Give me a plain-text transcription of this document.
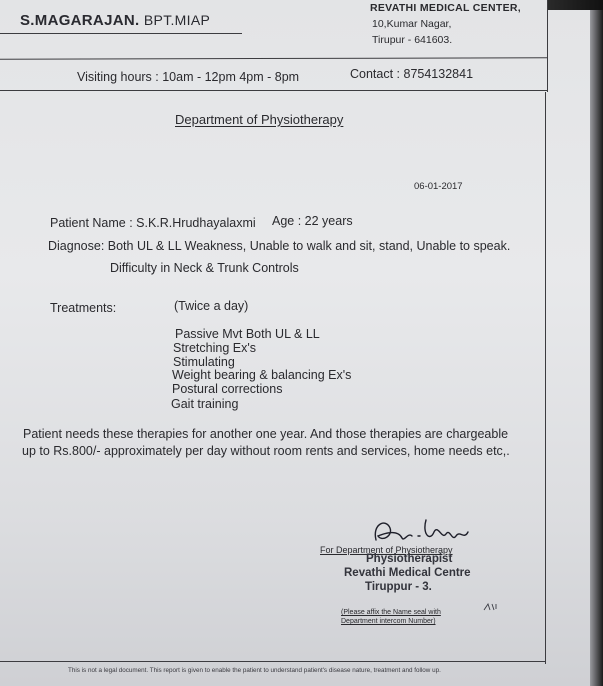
S.MAGARAJAN. BPT.MIAP
REVATHI MEDICAL CENTER,
10,Kumar Nagar,
Tirupur - 641603.
Visiting hours : 10am - 12pm 4pm - 8pm	Contact : 8754132841
Department of Physiotherapy
06-01-2017
Patient Name : S.K.R.Hrudhayalaxmi Age : 22 years
Diagnose: Both UL & LL Weakness, Unable to walk and sit, stand, Unable to speak.
Difficulty in Neck & Trunk Controls
Treatments:	(Twice a day)
Passive Mvt Both UL & LL
Stretching Ex's
Stimulating
Weight bearing & balancing Ex's
Postural corrections
Gait training
Patient needs these therapies for another one year. And those therapies are chargeable
up to Rs.800/- approximately per day without room rents and services, home needs etc,.
For Department of Physiotherapy
Physiotherapist
Revathi Medical Centre
Tiruppur - 3.
(Please affix the Name seal with
Department intercom Number)
This is not a legal document. This report is given to enable the patient to understand patient's disease nature, treatment and follow up.
